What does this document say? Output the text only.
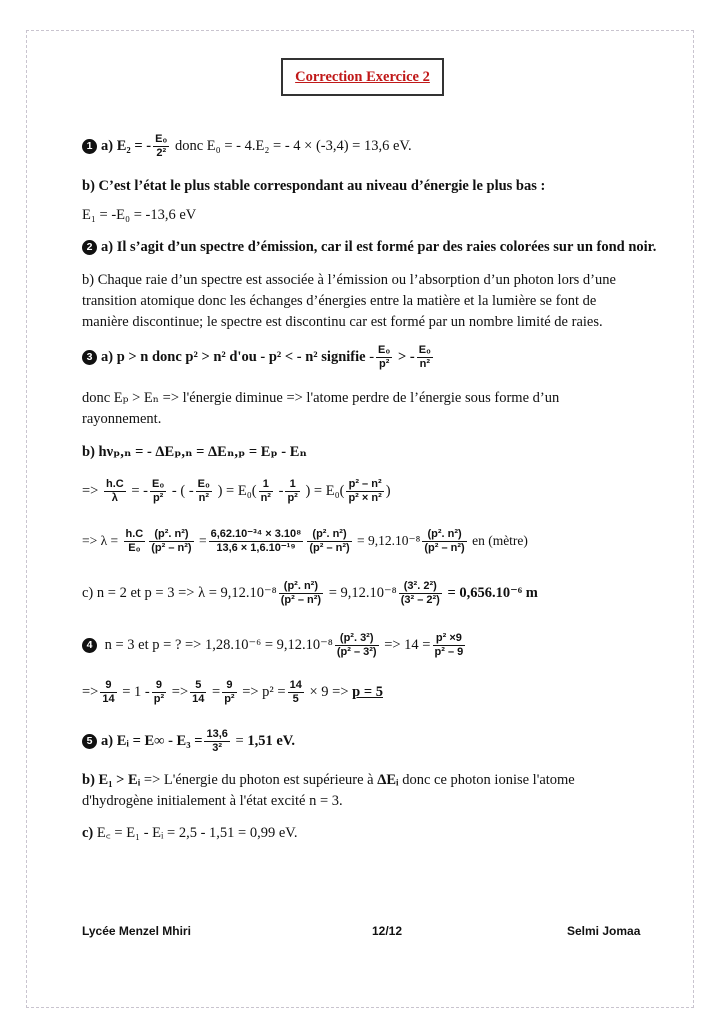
Correction Exercice 2
1 a) E₂ = - $\frac{\text{E₀}}{\text{2²}}$ donc E₀ = - 4.E₂ = - 4 × (-3,4) = 13,6 eV.
b) C’est l’état le plus stable correspondant au niveau d’énergie le plus bas :
E₁ = -E₀ = -13,6 eV
2 a) Il s’agit d’un spectre d’émission, car il est formé par des raies colorées sur un fond noir.
b) Chaque raie d’un spectre est associée à l’émission ou l’absorption d’un photon lors d’une transition atomique donc les échanges d’énergies entre la matière et la lumière se font de manière discontinue; le spectre est discontinu car est formé par un nombre limité de raies.
3 a) p > n donc p² > n² d'ou - p² < - n² signifie - $\frac{\text{E₀}}{\text{p²}}$ > - $\frac{\text{E₀}}{\text{n²}}$
donc Eₚ > Eₙ => l'énergie diminue => l'atome perdre de l’énergie sous forme d’un
rayonnement.
b) hνₚ,ₙ = - ΔEₚ,ₙ = ΔEₙ,ₚ = Eₚ - Eₙ
=> $\frac{h.C}{\lambda}$ = - $\frac{\text{E₀}}{\text{p²}}$ - ( - $\frac{\text{E₀}}{\text{n²}}$ ) = $E_0( \frac{1}{\text{n²}} - \frac{1}{\text{p²}}$ ) = $E_0( \frac{\text{p² – n²}}{\text{p² × n²}}$ )
=> $\lambda = \frac{h.C}{\text{E₀}} \frac{\text{(p². n²)}}{\text{(p² – n²)}} = \frac{\text{6,62.10⁻³⁴ × 3.10⁸}}{\text{13,6 × 1,6.10⁻¹⁹}} \frac{\text{(p². n²)}}{\text{(p² – n²)}} = 9,12.10^{-8} \frac{\text{(p². n²)}}{\text{(p² – n²)}}$ en (mètre)
c) n = 2 et $p = 3 => \lambda = 9,12.10^{-8} \frac{\text{(p². n²)}}{\text{(p² – n²)}} = 9,12.10^{-8} \frac{\text{(3². 2²)}}{\text{(3² – 2²)}} = 0,656.10^{-6}$ m
4 n = 3 et p = ? => $1,28.10^{-6} = 9,12.10^{-8} \frac{\text{(p². 3²)}}{\text{(p² – 3²)}} => 14 = \frac{\text{p² ×9}}{\text{p² – 9}}$
=> $\frac{9}{14} = 1 - \frac{9}{\text{p²}} => \frac{5}{14} = \frac{9}{\text{p²}} => p^2 = \frac{14}{5} \times 9 => p = 5$
5 a) Eᵢ = $E\infty - E_3 = \frac{13,6}{\text{3²}} = 1,51$ eV.
b) E₁ > Eᵢ => L'énergie du photon est supérieure à ΔEᵢ donc ce photon ionise l'atome
d'hydrogène initialement à l'état excité n = 3.
c) E꜀ = E₁ - Eᵢ = 2,5 - 1,51 = 0,99 eV.
Lycée Menzel Mhiri	12/12	Selmi Jomaa
